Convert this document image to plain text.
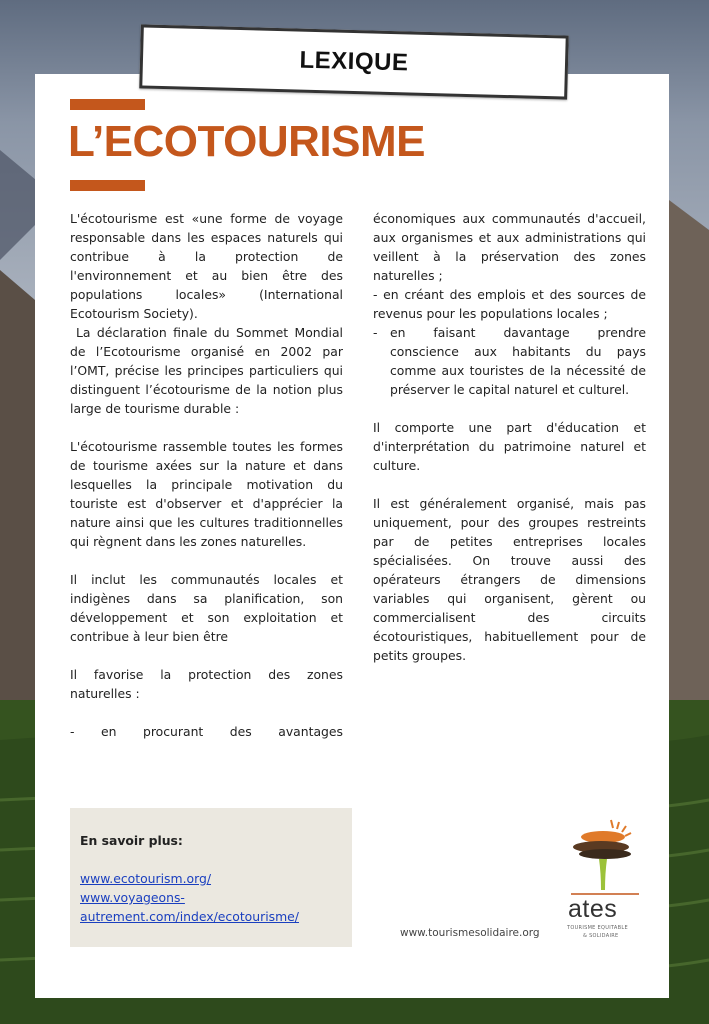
LEXIQUE
L’ECOTOURISME

L'écotourisme est «une forme de voyage responsable dans les espaces naturels qui contribue à la protection de l'environnement et au bien être des populations locales» (International Ecotourism Society).

La déclaration finale du Sommet Mondial de l’Ecotourisme organisé en 2002 par l’OMT, précise les principes particuliers qui distinguent l’écotourisme de la notion plus large de tourisme durable :

L'écotourisme rassemble toutes les formes de tourisme axées sur la nature et dans lesquelles la principale motivation du touriste est d'observer et d'apprécier la nature ainsi que les cultures traditionnelles qui règnent dans les zones naturelles.

Il inclut les communautés locales et indigènes dans sa planification, son développement et son exploitation et contribue à leur bien être

Il favorise la protection des zones naturelles :

- en procurant des avantages

économiques aux communautés d'accueil, aux organismes et aux administrations qui veillent à la préservation des zones naturelles ;

- en créant des emplois et des sources de revenus pour les populations locales ;

-	en faisant davantage prendre conscience aux habitants du pays comme aux touristes de la nécessité de préserver le capital naturel et culturel.

Il comporte une part d'éducation et d'interprétation du patrimoine naturel et culture.

Il est généralement organisé, mais pas uniquement, pour des groupes restreints par de petites entreprises locales spécialisées. On trouve aussi des opérateurs étrangers de dimensions variables qui organisent, gèrent ou commercialisent des circuits écotouristiques, habituellement pour de petits groupes.

En savoir plus:

www.ecotourism.org/
www.voyageons-autrement.com/index/ecotourisme/
www.tourismesolidaire.org
ates
TOURISME EQUITABLE
& SOLIDAIRE
